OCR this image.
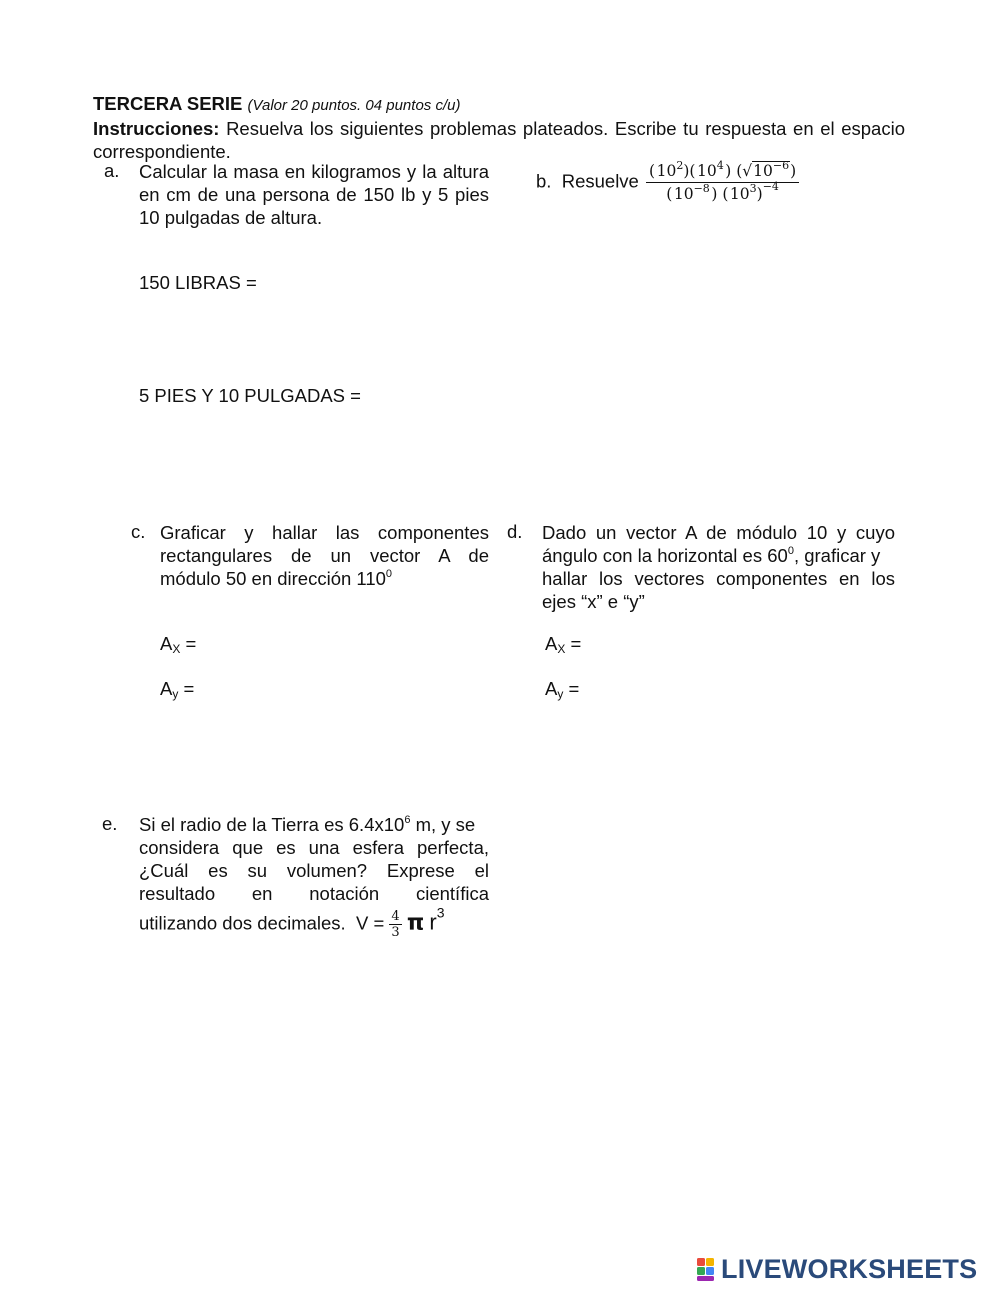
TERCERA SERIE (Valor 20 puntos. 04 puntos c/u)
Instrucciones: Resuelva los siguientes problemas plateados. Escribe tu respuesta en el espacio correspondiente.
a. Calcular la masa en kilogramos y la altura en cm de una persona de 150 lb y 5 pies 10 pulgadas de altura.
150 LIBRAS =
5 PIES Y 10 PULGADAS =
b. Resuelve $\frac{( 10^2)( 10^4 ) (√10^{-6})}{( 10^{-8} ) ( 10^3)^{-4}}$
c. Graficar y hallar las componentes
rectangulares de un vector A de
módulo 50 en dirección $110^0$
$A_X$ =
$A_y$ =
d. Dado un vector A de módulo 10 y cuyo
ángulo con la horizontal es $60^0$, graficar y
hallar los vectores componentes en los
ejes “x” e “y”
$A_X$ =
$A_y$ =
e. Si el radio de la Tierra es $6.4x10^6$ m, y se
considera que es una esfera perfecta,
¿Cuál es su volumen? Exprese el
resultado en notación científica
utilizando dos decimales. $V = \frac{4}{3}$ π $r^3$
LIVEWORKSHEETS
